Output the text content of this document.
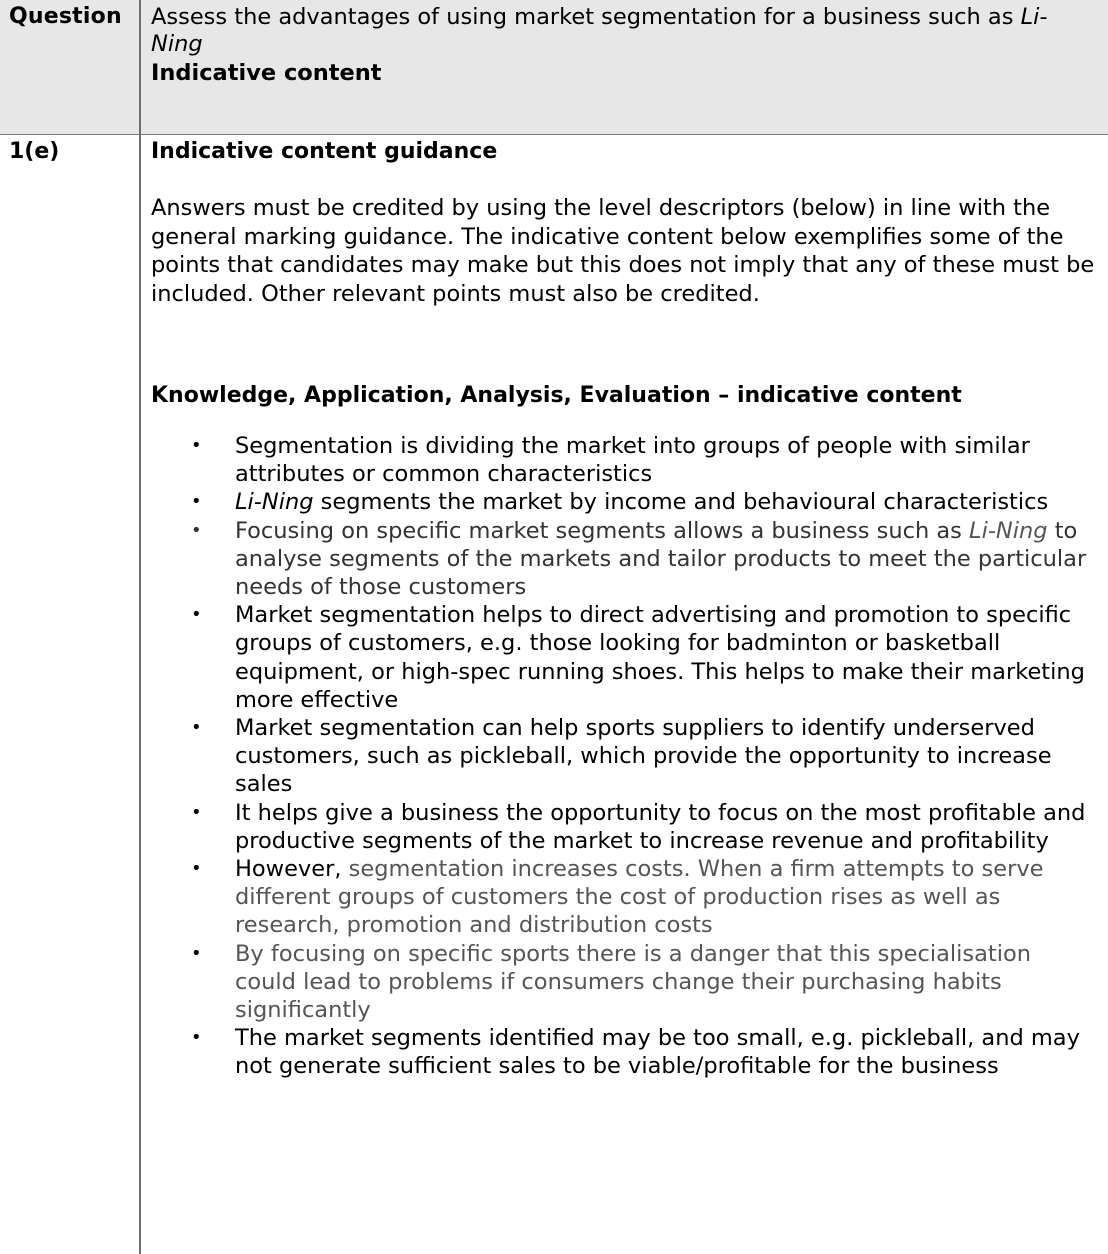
Question Assess the advantages of using market segmentation for a business such as Li-Ning
Indicative content
1(e)	Indicative content guidance
Answers must be credited by using the level descriptors (below) in line with the general marking guidance. The indicative content below exemplifies some of the points that candidates may make but this does not imply that any of these must be included. Other relevant points must also be credited.
Knowledge, Application, Analysis, Evaluation – indicative content
• Segmentation is dividing the market into groups of people with similar attributes or common characteristics
• Li-Ning segments the market by income and behavioural characteristics
• Focusing on specific market segments allows a business such as Li-Ning to analyse segments of the markets and tailor products to meet the particular needs of those customers
• Market segmentation helps to direct advertising and promotion to specific groups of customers, e.g. those looking for badminton or basketball equipment, or high-spec running shoes. This helps to make their marketing more effective
• Market segmentation can help sports suppliers to identify underserved customers, such as pickleball, which provide the opportunity to increase sales
• It helps give a business the opportunity to focus on the most profitable and productive segments of the market to increase revenue and profitability
• However, segmentation increases costs. When a firm attempts to serve different groups of customers the cost of production rises as well as research, promotion and distribution costs
• By focusing on specific sports there is a danger that this specialisation could lead to problems if consumers change their purchasing habits significantly
• The market segments identified may be too small, e.g. pickleball, and may not generate sufficient sales to be viable/profitable for the business
